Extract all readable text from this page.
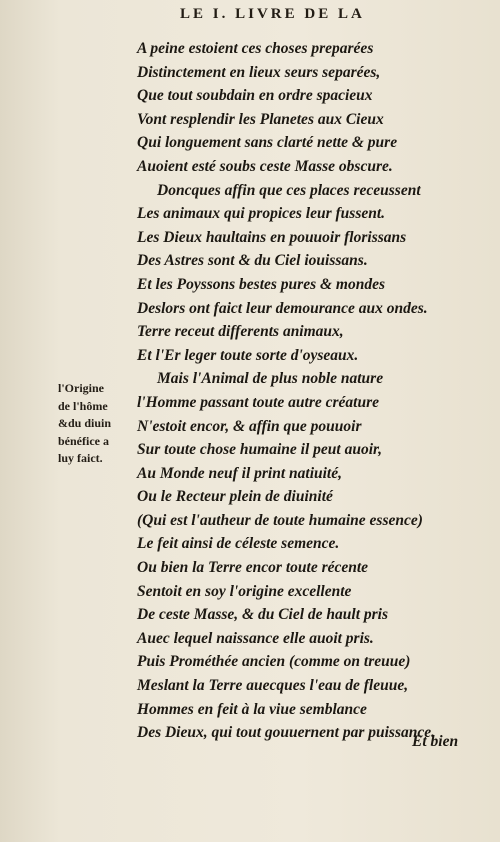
LE I. LIVRE DE LA
A peine estoient ces choses preparées
Distinctement en lieux seurs separées,
Que tout soubdain en ordre spacieux
Vont resplendir les Planetes aux Cieux
Qui longuement sans clarté nette & pure
Auoient esté soubs ceste Masse obscure.
Doncques affin que ces places receussent
Les animaux qui propices leur fussent.
Les Dieux haultains en pouuoir florissans
Des Astres sont & du Ciel iouissans.
Et les Poyssons bestes pures & mondes
Deslors ont faict leur demourance aux ondes.
Terre receut differents animaux,
Et l'Er leger toute sorte d'oyseaux.
Mais l'Animal de plus noble nature
l'Homme passant toute autre créature
N'estoit encor, & affin que pouuoir
Sur toute chose humaine il peut auoir,
Au Monde neuf il print natiuité,
Ou le Recteur plein de diuinité
(Qui est l'autheur de toute humaine essence)
Le feit ainsi de céleste semence.
Ou bien la Terre encor toute récente
Sentoit en soy l'origine excellente
De ceste Masse, & du Ciel de hault pris
Auec lequel naissance elle auoit pris.
Puis Prométhée ancien (comme on treuue)
Meslant la Terre auecques l'eau de fleuue,
Hommes en feit à la viue semblance
Des Dieux, qui tout gouuernent par puissance.
Et bien
l'Origine
de l'hôme
&du diuin
bénéfice a
luy faict.
